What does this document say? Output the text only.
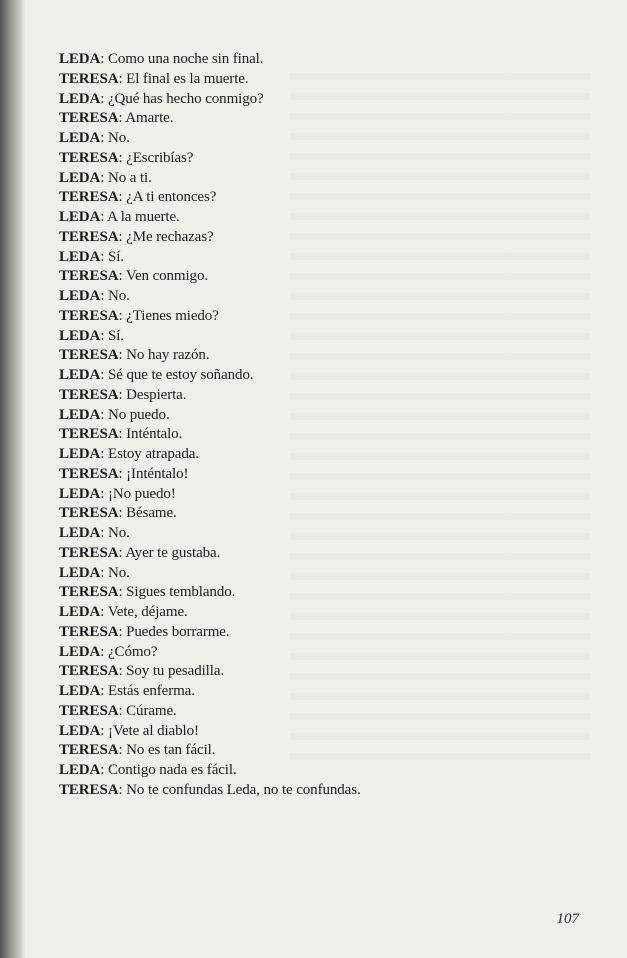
LEDA: Como una noche sin final.
TERESA: El final es la muerte.
LEDA: ¿Qué has hecho conmigo?
TERESA: Amarte.
LEDA: No.
TERESA: ¿Escribías?
LEDA: No a ti.
TERESA: ¿A ti entonces?
LEDA: A la muerte.
TERESA: ¿Me rechazas?
LEDA: Sí.
TERESA: Ven conmigo.
LEDA: No.
TERESA: ¿Tienes miedo?
LEDA: Sí.
TERESA: No hay razón.
LEDA: Sé que te estoy soñando.
TERESA: Despierta.
LEDA: No puedo.
TERESA: Inténtalo.
LEDA: Estoy atrapada.
TERESA: ¡Inténtalo!
LEDA: ¡No puedo!
TERESA: Bésame.
LEDA: No.
TERESA: Ayer te gustaba.
LEDA: No.
TERESA: Sigues temblando.
LEDA: Vete, déjame.
TERESA: Puedes borrarme.
LEDA: ¿Cómo?
TERESA: Soy tu pesadilla.
LEDA: Estás enferma.
TERESA: Cúrame.
LEDA: ¡Vete al diablo!
TERESA: No es tan fácil.
LEDA: Contigo nada es fácil.
TERESA: No te confundas Leda, no te confundas.
107
